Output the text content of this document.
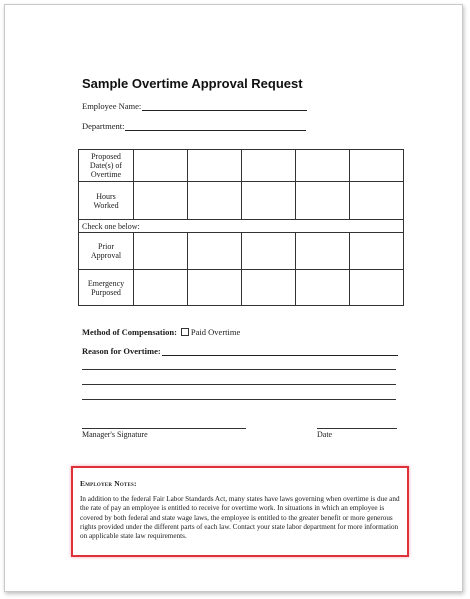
Sample Overtime Approval Request
Employee Name:
Department:
Proposed
Date(s) of
Overtime					

Hours
Worked					

Check one below:					

Prior
Approval					

Emergency
Purposed					

Method of Compensation: Paid Overtime
Reason for Overtime:
Manager's Signature	Date
Employer Notes:
In addition to the federal Fair Labor Standards Act, many states have laws governing when overtime is due and the rate of pay an employee is entitled to receive for overtime work. In situations in which an employee is covered by both federal and state wage laws, the employee is entitled to the greater benefit or more generous rights provided under the different parts of each law. Contact your state labor department for more information on applicable state law requirements.
